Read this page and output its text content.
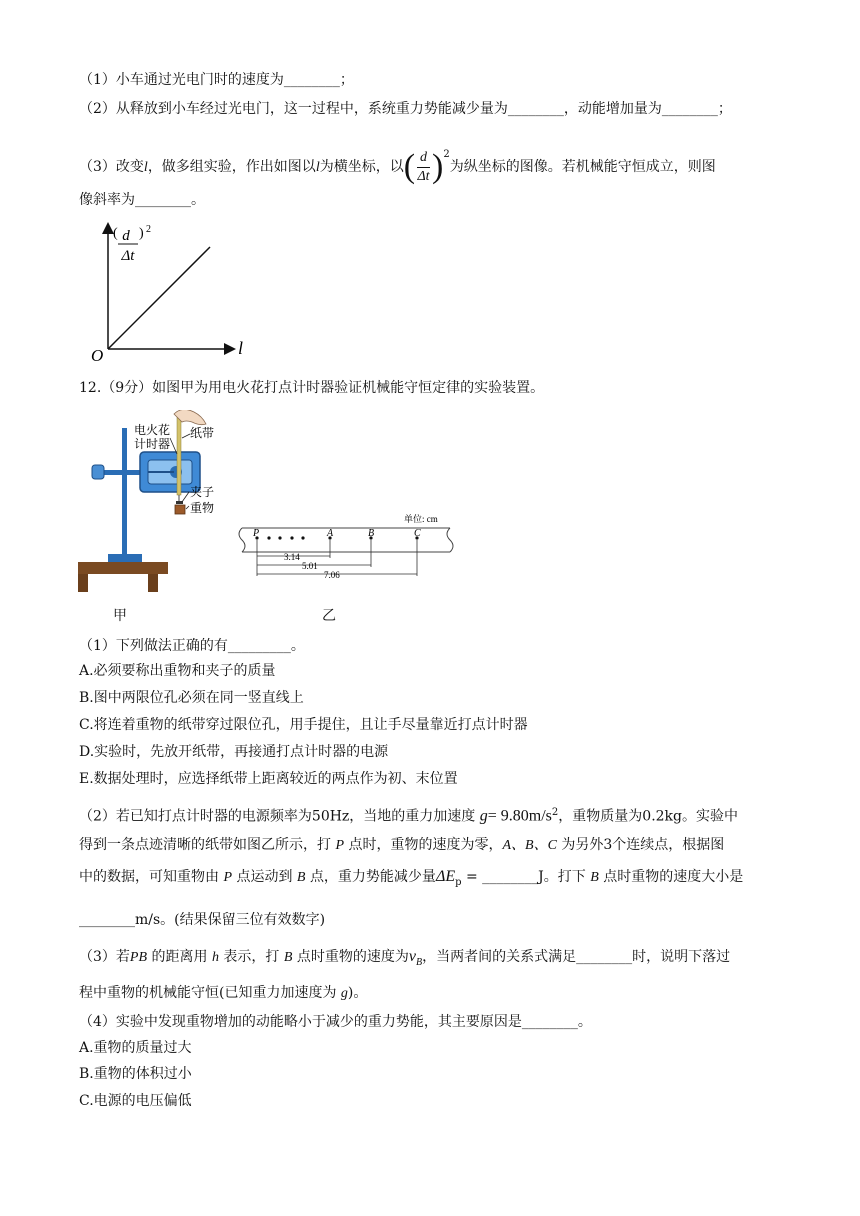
（1）小车通过光电门时的速度为________；
（2）从释放到小车经过光电门，这一过程中，系统重力势能减少量为________，动能增加量为________；
（3）改变l，做多组实验，作出如图以l为横坐标，以( $\frac{d}{\Delta t} )^2$为纵坐标的图像。若机械能守恒成立，则图
像斜率为________。
( d
Δt
) 2
l
O
12.（9分）如图甲为用电火花打点计时器验证机械能守恒定律的实验装置。
电火花
计时器
纸带
夹子
重物
单位: cm
P	A	B	C
3.14
5.01
7.06
甲	乙
（1）下列做法正确的有_________。
A.必须要称出重物和夹子的质量
B.图中两限位孔必须在同一竖直线上
C.将连着重物的纸带穿过限位孔，用手提住，且让手尽量靠近打点计时器
D.实验时，先放开纸带，再接通打点计时器的电源
E.数据处理时，应选择纸带上距离较近的两点作为初、末位置
（2）若已知打点计时器的电源频率为50Hz，当地的重力加速度 $g= 9.80m/s^2$，重物质量为0.2kg。实验中
得到一条点迹清晰的纸带如图乙所示，打 P 点时，重物的速度为零，A、B、C 为另外3个连续点，根据图
中的数据，可知重物由 P 点运动到 B 点，重力势能减少量$\Delta E_p$ = ________J。打下 B 点时重物的速度大小是
________m/s。(结果保留三位有效数字)
（3）若PB 的距离用 h 表示，打 B 点时重物的速度为$v_B$，当两者间的关系式满足________时，说明下落过
程中重物的机械能守恒(已知重力加速度为 g)。
（4）实验中发现重物增加的动能略小于减少的重力势能，其主要原因是________。
A.重物的质量过大
B.重物的体积过小
C.电源的电压偏低
